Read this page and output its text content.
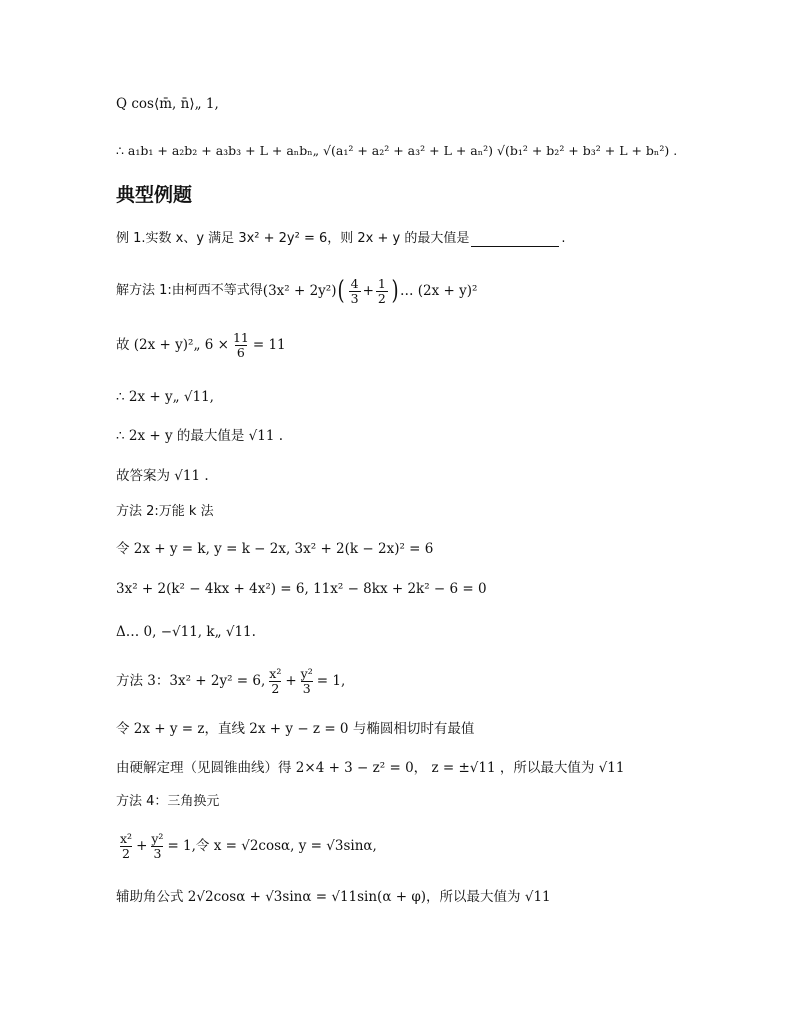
Q cos⟨m̄, n̄⟩„ 1,
∴ a₁b₁ + a₂b₂ + a₃b₃ + L + aₙbₙ„ √(a₁² + a₂² + a₃² + L + aₙ²) √(b₁² + b₂² + b₃² + L + bₙ²) .
典型例题
例 1.实数 x、y 满足 3x² + 2y² = 6，则 2x + y 的最大值是	.
解方法 1:由柯西不等式得 (3x² + 2y²) ( $\frac{4}{3} + \frac{1}{2}$ ) … (2x + y)²
故 (2x + y)²„ $6 \times \frac{11}{6} = 11$
∴ 2x + y„ √11,
∴ 2x + y 的最大值是 √11 .
故答案为 √11 .
方法 2:万能 k 法
令 2x + y = k, y = k − 2x, 3x² + 2(k − 2x)² = 6
3x² + 2(k² − 4kx + 4x²) = 6, 11x² − 8kx + 2k² − 6 = 0
Δ… 0, −√11, k„ √11.
方法 3：3x² + 2y² = 6, $\frac{\text{x²}}{2} + \frac{\text{y²}}{3} = 1$,
令 2x + y = z，直线 2x + y − z = 0 与椭圆相切时有最值
由硬解定理（见圆锥曲线）得 2×4 + 3 − z² = 0， z = ±√11 ，所以最大值为 √11
方法 4：三角换元
$\frac{\text{x²}}{2} + \frac{\text{y²}}{3} = 1$,令 x = √2cosα, y = √3sinα,
辅助角公式 2√2cosα + √3sinα = √11sin(α + φ)，所以最大值为 √11
